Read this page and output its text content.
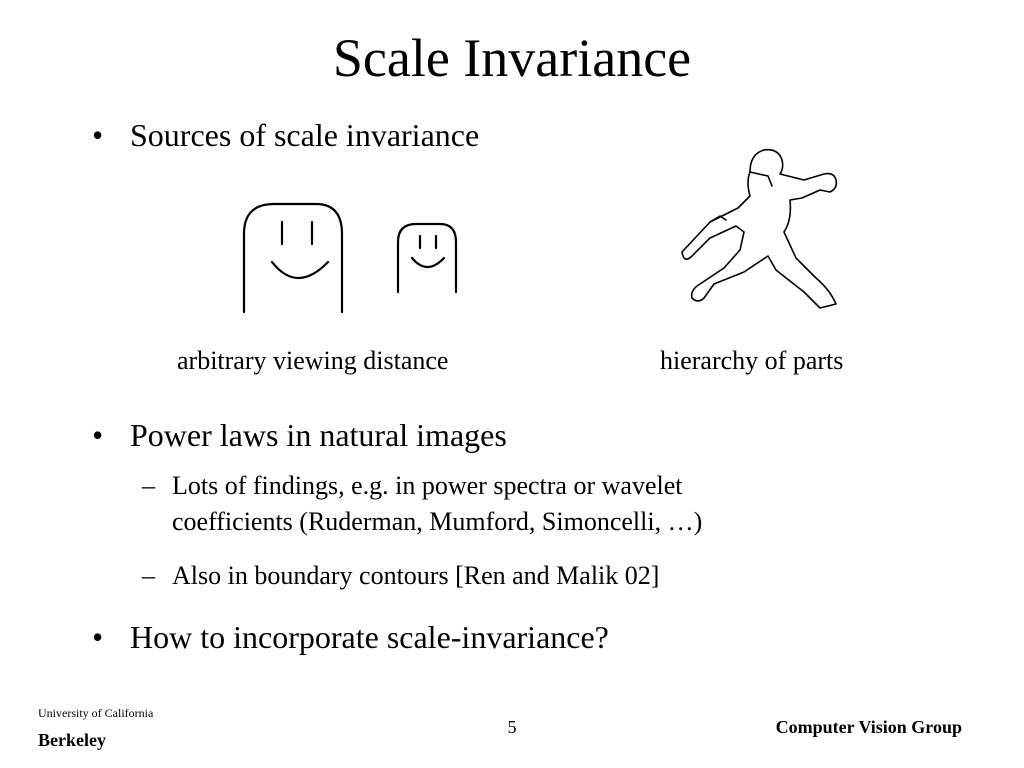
Scale Invariance
• Sources of scale invariance
arbitrary viewing distance	hierarchy of parts
• Power laws in natural images
– Lots of findings, e.g. in power spectra or wavelet
coefficients (Ruderman, Mumford, Simoncelli, …)
– Also in boundary contours [Ren and Malik 02]
• How to incorporate scale-invariance?
University of California
Berkeley
5	Computer Vision Group
